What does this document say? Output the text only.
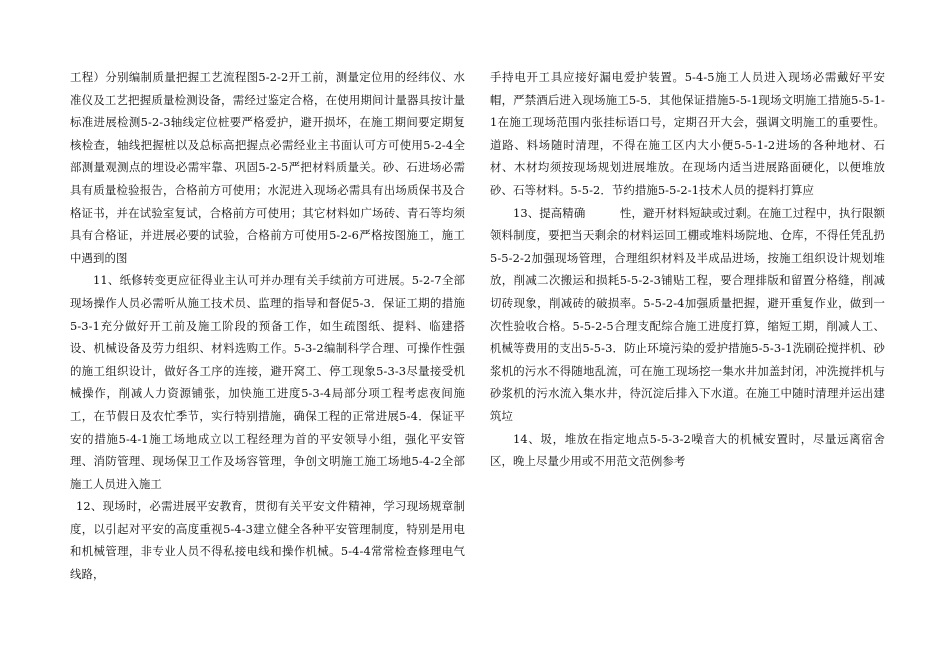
工程）分别编制质量把握工艺流程图5-2-2开工前，测量定位用的经纬仪、水准仪及工艺把握质量检测设备，需经过鉴定合格，在使用期间计量器具按计量标准进展检测5-2-3轴线定位桩要严格爱护，避开损坏，在施工期间要定期复核检查，轴线把握桩以及总标高把握点必需经业主书面认可方可使用5-2-4全部测量观测点的埋设必需牢靠、巩固5-2-5严把材料质量关。砂、石进场必需具有质量检验报告，合格前方可使用；水泥进入现场必需具有出场质保书及合格证书，并在试验室复试，合格前方可使用；其它材料如广场砖、青石等均须具有合格证，并进展必要的试验，合格前方可使用5-2-6严格按图施工，施工中遇到的图

11、纸修转变更应征得业主认可并办理有关手续前方可进展。5-2-7全部现场操作人员必需听从施工技术员、监理的指导和督促5-3．保证工期的措施5-3-1充分做好开工前及施工阶段的预备工作，如生疏图纸、提料、临建搭设、机械设备及劳力组织、材料选购工作。5-3-2编制科学合理、可操作性强的施工组织设计，做好各工序的连接，避开窝工、停工现象5-3-3尽量接受机械操作，削减人力资源铺张，加快施工进度5-3-4局部分项工程考虑夜间施工，在节假日及农忙季节，实行特别措施，确保工程的正常进展5-4．保证平安的措施5-4-1施工场地成立以工程经理为首的平安领导小组，强化平安管理、消防管理、现场保卫工作及场容管理，争创文明施工施工场地5-4-2全部施工人员进入施工

12、现场时，必需进展平安教育，贯彻有关平安文件精神，学习现场规章制度，以引起对平安的高度重视5-4-3建立健全各种平安管理制度，特别是用电和机械管理，非专业人员不得私接电线和操作机械。5-4-4常常检查修理电气线路，

手持电开工具应接好漏电爱护装置。5-4-5施工人员进入现场必需戴好平安帽，严禁酒后进入现场施工5-5．其他保证措施5-5-1现场文明施工措施5-5-1-1在施工现场范围内张挂标语口号，定期召开大会，强调文明施工的重要性。道路、料场随时清理，不得在施工区内大小便5-5-1-2进场的各种地材、石材、木材均须按现场规划进展堆放。在现场内适当进展路面硬化，以便堆放砂、石等材料。5-5-2．节约措施5-5-2-1技术人员的提料打算应

13、提高精确　　　性，避开材料短缺或过剩。在施工过程中，执行限额领料制度，要把当天剩余的材料运回工棚或堆料场院地、仓库，不得任凭乱扔5-5-2-2加强现场管理，合理组织材料及半成品进场，按施工组织设计规划堆放，削减二次搬运和损耗5-5-2-3铺贴工程，要合理排版和留置分格缝，削减切砖现象，削减砖的破损率。5-5-2-4加强质量把握，避开重复作业，做到一次性验收合格。5-5-2-5合理支配综合施工进度打算，缩短工期，削减人工、机械等费用的支出5-5-3．防止环境污染的爱护措施5-5-3-1洗刷砼搅拌机、砂浆机的污水不得随地乱流，可在施工现场挖一集水井加盖封闭，冲洗搅拌机与砂浆机的污水流入集水井，待沉淀后排入下水道。在施工中随时清理并运出建筑垃

14、圾，堆放在指定地点5-5-3-2噪音大的机械安置时，尽量远离宿舍区，晚上尽量少用或不用范文范例参考
